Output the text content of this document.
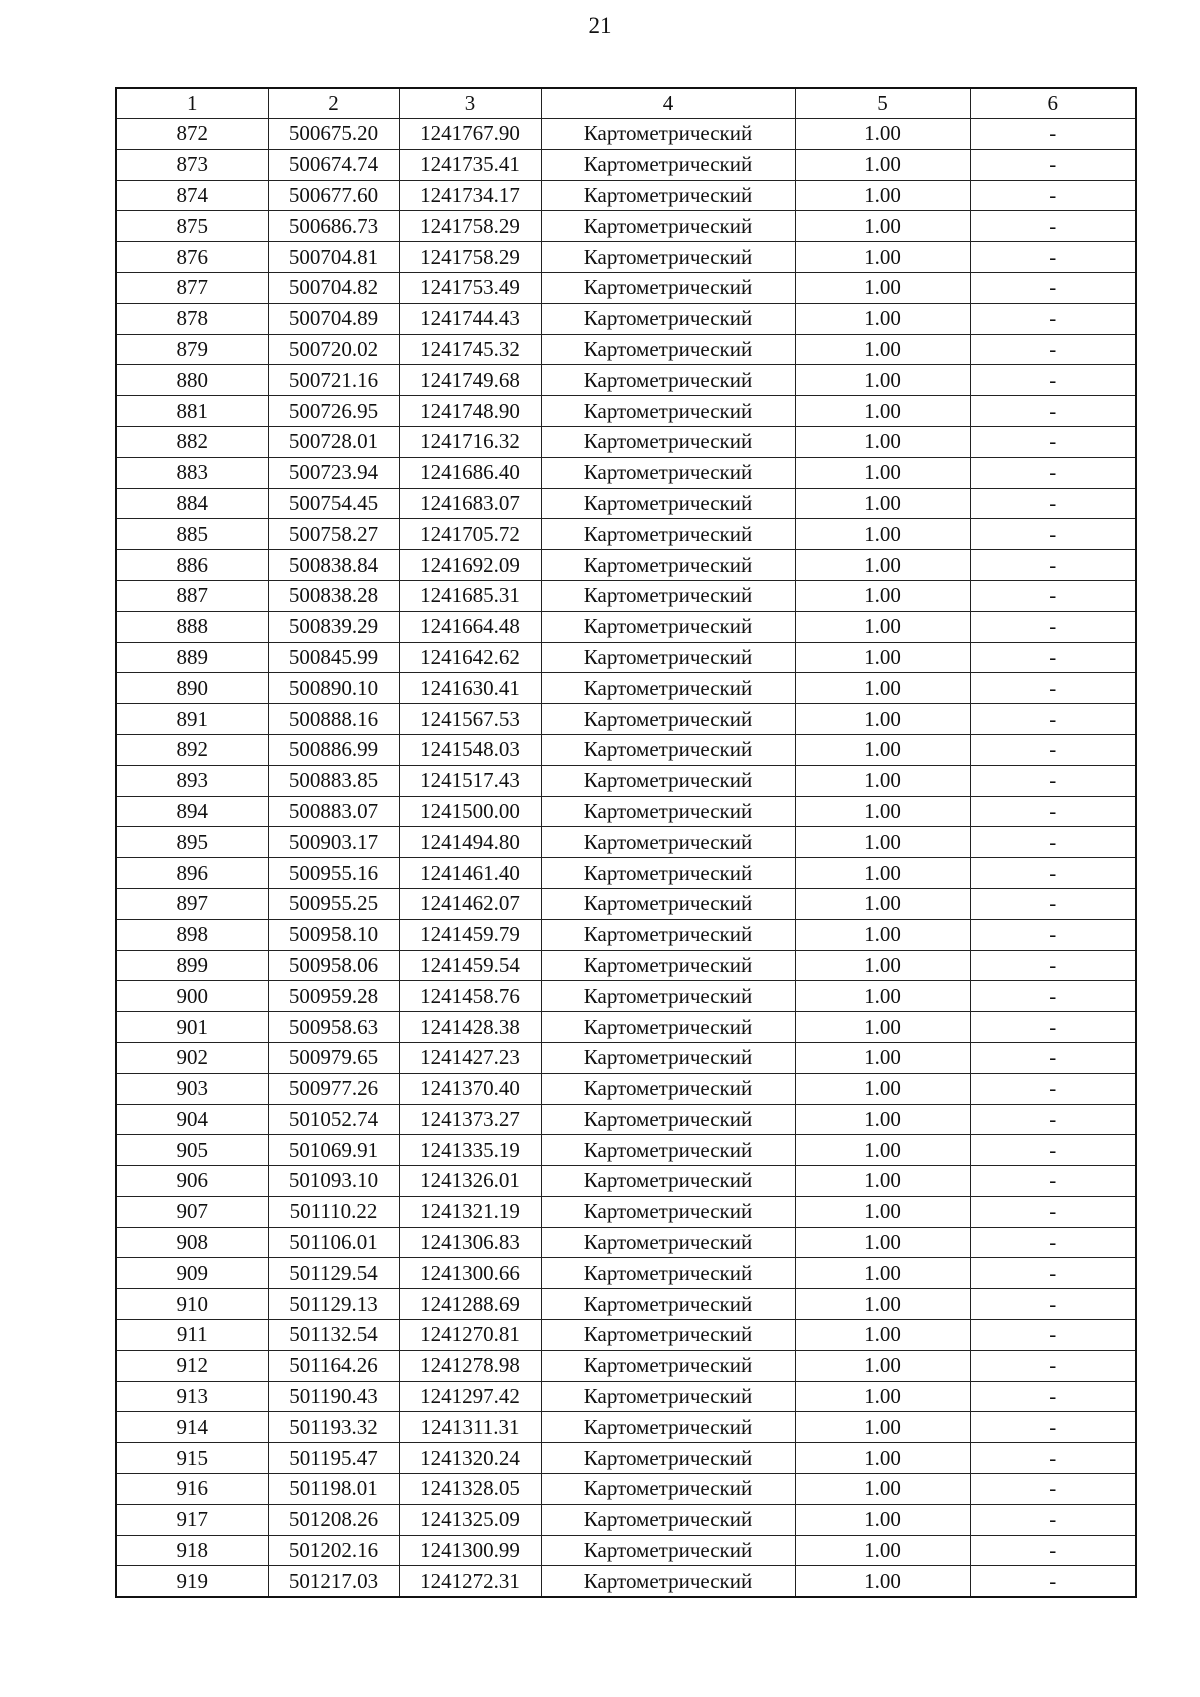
21
1	2	3	4	5	6
872	500675.20	1241767.90	Картометрический	1.00	-
873	500674.74	1241735.41	Картометрический	1.00	-
874	500677.60	1241734.17	Картометрический	1.00	-
875	500686.73	1241758.29	Картометрический	1.00	-
876	500704.81	1241758.29	Картометрический	1.00	-
877	500704.82	1241753.49	Картометрический	1.00	-
878	500704.89	1241744.43	Картометрический	1.00	-
879	500720.02	1241745.32	Картометрический	1.00	-
880	500721.16	1241749.68	Картометрический	1.00	-
881	500726.95	1241748.90	Картометрический	1.00	-
882	500728.01	1241716.32	Картометрический	1.00	-
883	500723.94	1241686.40	Картометрический	1.00	-
884	500754.45	1241683.07	Картометрический	1.00	-
885	500758.27	1241705.72	Картометрический	1.00	-
886	500838.84	1241692.09	Картометрический	1.00	-
887	500838.28	1241685.31	Картометрический	1.00	-
888	500839.29	1241664.48	Картометрический	1.00	-
889	500845.99	1241642.62	Картометрический	1.00	-
890	500890.10	1241630.41	Картометрический	1.00	-
891	500888.16	1241567.53	Картометрический	1.00	-
892	500886.99	1241548.03	Картометрический	1.00	-
893	500883.85	1241517.43	Картометрический	1.00	-
894	500883.07	1241500.00	Картометрический	1.00	-
895	500903.17	1241494.80	Картометрический	1.00	-
896	500955.16	1241461.40	Картометрический	1.00	-
897	500955.25	1241462.07	Картометрический	1.00	-
898	500958.10	1241459.79	Картометрический	1.00	-
899	500958.06	1241459.54	Картометрический	1.00	-
900	500959.28	1241458.76	Картометрический	1.00	-
901	500958.63	1241428.38	Картометрический	1.00	-
902	500979.65	1241427.23	Картометрический	1.00	-
903	500977.26	1241370.40	Картометрический	1.00	-
904	501052.74	1241373.27	Картометрический	1.00	-
905	501069.91	1241335.19	Картометрический	1.00	-
906	501093.10	1241326.01	Картометрический	1.00	-
907	501110.22	1241321.19	Картометрический	1.00	-
908	501106.01	1241306.83	Картометрический	1.00	-
909	501129.54	1241300.66	Картометрический	1.00	-
910	501129.13	1241288.69	Картометрический	1.00	-
911	501132.54	1241270.81	Картометрический	1.00	-
912	501164.26	1241278.98	Картометрический	1.00	-
913	501190.43	1241297.42	Картометрический	1.00	-
914	501193.32	1241311.31	Картометрический	1.00	-
915	501195.47	1241320.24	Картометрический	1.00	-
916	501198.01	1241328.05	Картометрический	1.00	-
917	501208.26	1241325.09	Картометрический	1.00	-
918	501202.16	1241300.99	Картометрический	1.00	-
919	501217.03	1241272.31	Картометрический	1.00	-
